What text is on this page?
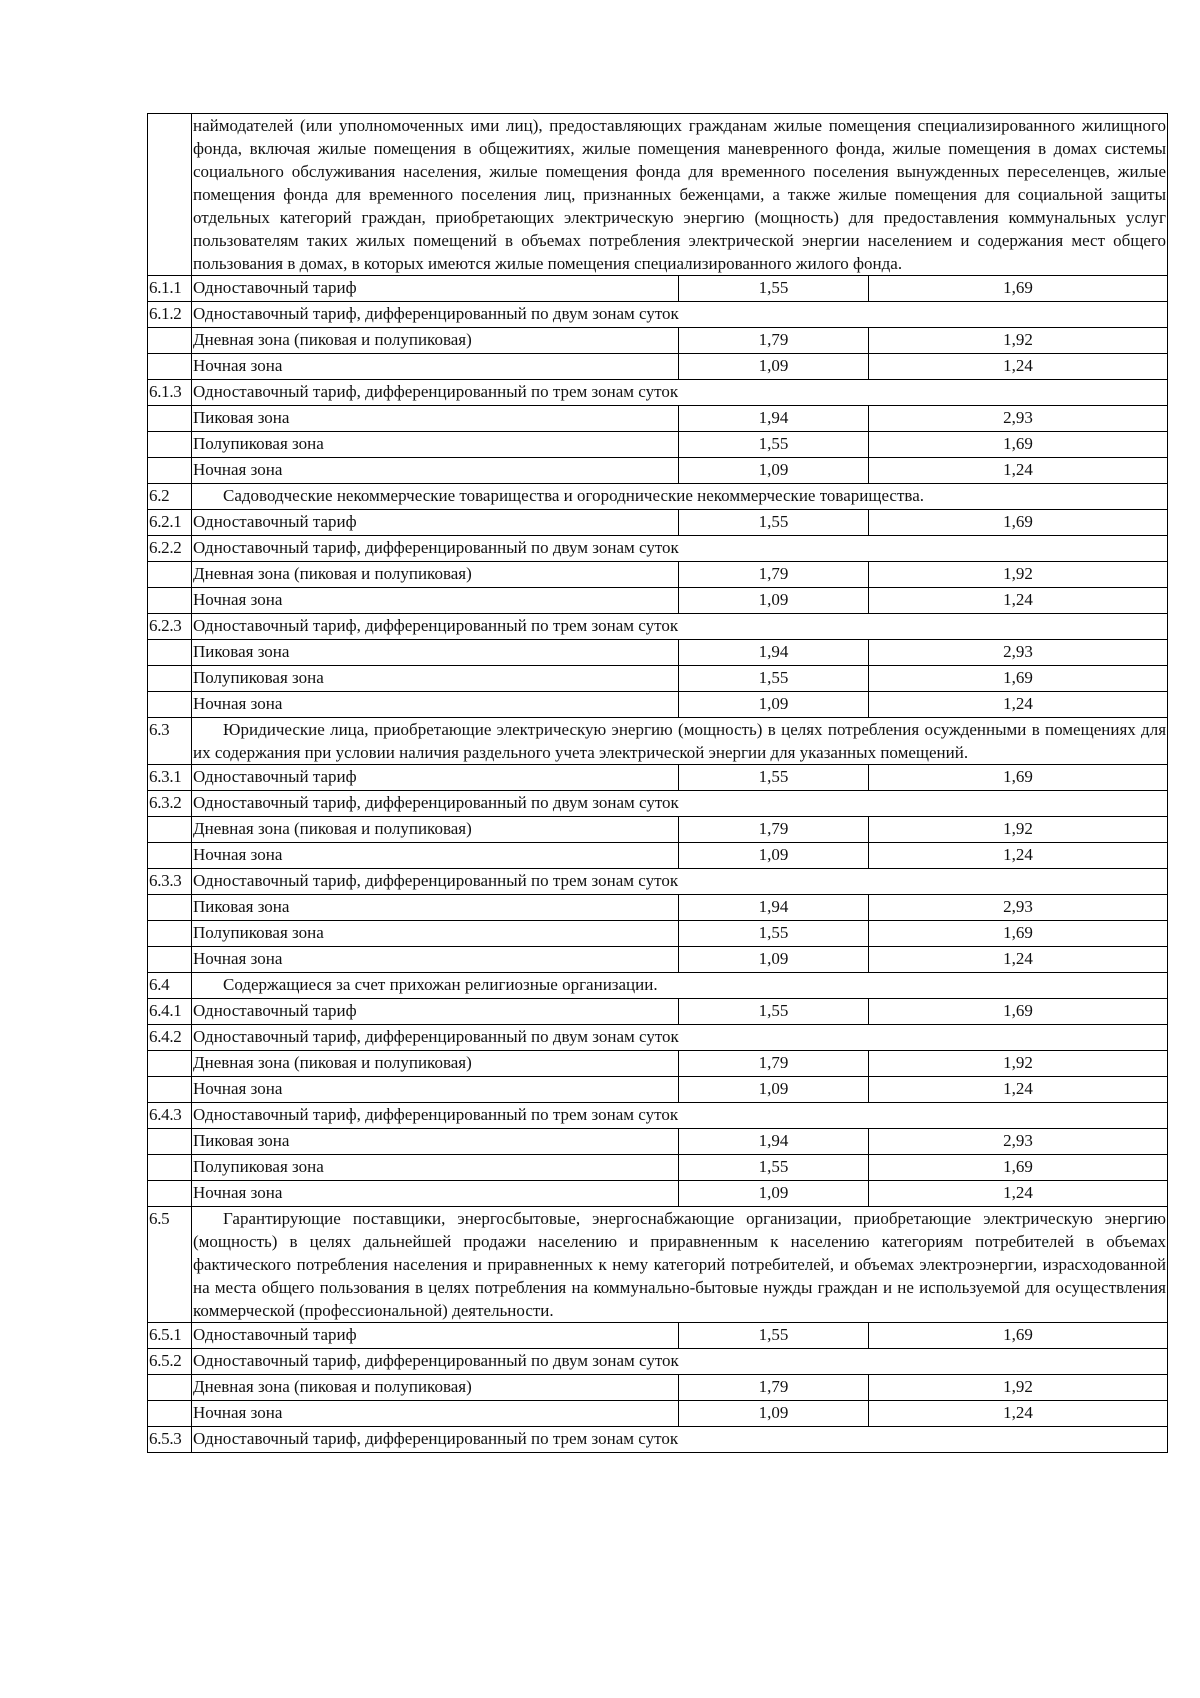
	наймодателей (или уполномоченных ими лиц), предоставляющих гражданам жилые помещения специализированного жилищного фонда, включая жилые помещения в общежитиях, жилые помещения маневренного фонда, жилые помещения в домах системы социального обслуживания населения, жилые помещения фонда для временного поселения вынужденных переселенцев, жилые помещения фонда для временного поселения лиц, признанных беженцами, а также жилые помещения для социальной защиты отдельных категорий граждан, приобретающих электрическую энергию (мощность) для предоставления коммунальных услуг пользователям таких жилых помещений в объемах потребления электрической энергии населением и содержания мест общего пользования в домах, в которых имеются жилые помещения специализированного жилого фонда.		
6.1.1	Одноставочный тариф	1,55	1,69
6.1.2	Одноставочный тариф, дифференцированный по двум зонам суток		
	Дневная зона (пиковая и полупиковая)	1,79	1,92
	Ночная зона	1,09	1,24
6.1.3	Одноставочный тариф, дифференцированный по трем зонам суток		
	Пиковая зона	1,94	2,93
	Полупиковая зона	1,55	1,69
	Ночная зона	1,09	1,24
6.2	Садоводческие некоммерческие товарищества и огороднические некоммерческие товарищества.		
6.2.1	Одноставочный тариф	1,55	1,69
6.2.2	Одноставочный тариф, дифференцированный по двум зонам суток		
	Дневная зона (пиковая и полупиковая)	1,79	1,92
	Ночная зона	1,09	1,24
6.2.3	Одноставочный тариф, дифференцированный по трем зонам суток		
	Пиковая зона	1,94	2,93
	Полупиковая зона	1,55	1,69
	Ночная зона	1,09	1,24
6.3	Юридические лица, приобретающие электрическую энергию (мощность) в целях потребления осужденными в помещениях для их содержания при условии наличия раздельного учета электрической энергии для указанных помещений.		
6.3.1	Одноставочный тариф	1,55	1,69
6.3.2	Одноставочный тариф, дифференцированный по двум зонам суток		
	Дневная зона (пиковая и полупиковая)	1,79	1,92
	Ночная зона	1,09	1,24
6.3.3	Одноставочный тариф, дифференцированный по трем зонам суток		
	Пиковая зона	1,94	2,93
	Полупиковая зона	1,55	1,69
	Ночная зона	1,09	1,24
6.4	Содержащиеся за счет прихожан религиозные организации.		
6.4.1	Одноставочный тариф	1,55	1,69
6.4.2	Одноставочный тариф, дифференцированный по двум зонам суток		
	Дневная зона (пиковая и полупиковая)	1,79	1,92
	Ночная зона	1,09	1,24
6.4.3	Одноставочный тариф, дифференцированный по трем зонам суток		
	Пиковая зона	1,94	2,93
	Полупиковая зона	1,55	1,69
	Ночная зона	1,09	1,24
6.5	Гарантирующие поставщики, энергосбытовые, энергоснабжающие организации, приобретающие электрическую энергию (мощность) в целях дальнейшей продажи населению и приравненным к населению категориям потребителей в объемах фактического потребления населения и приравненных к нему категорий потребителей, и объемах электроэнергии, израсходованной на места общего пользования в целях потребления на коммунально-бытовые нужды граждан и не используемой для осуществления коммерческой (профессиональной) деятельности.		
6.5.1	Одноставочный тариф	1,55	1,69
6.5.2	Одноставочный тариф, дифференцированный по двум зонам суток		
	Дневная зона (пиковая и полупиковая)	1,79	1,92
	Ночная зона	1,09	1,24
6.5.3	Одноставочный тариф, дифференцированный по трем зонам суток		
